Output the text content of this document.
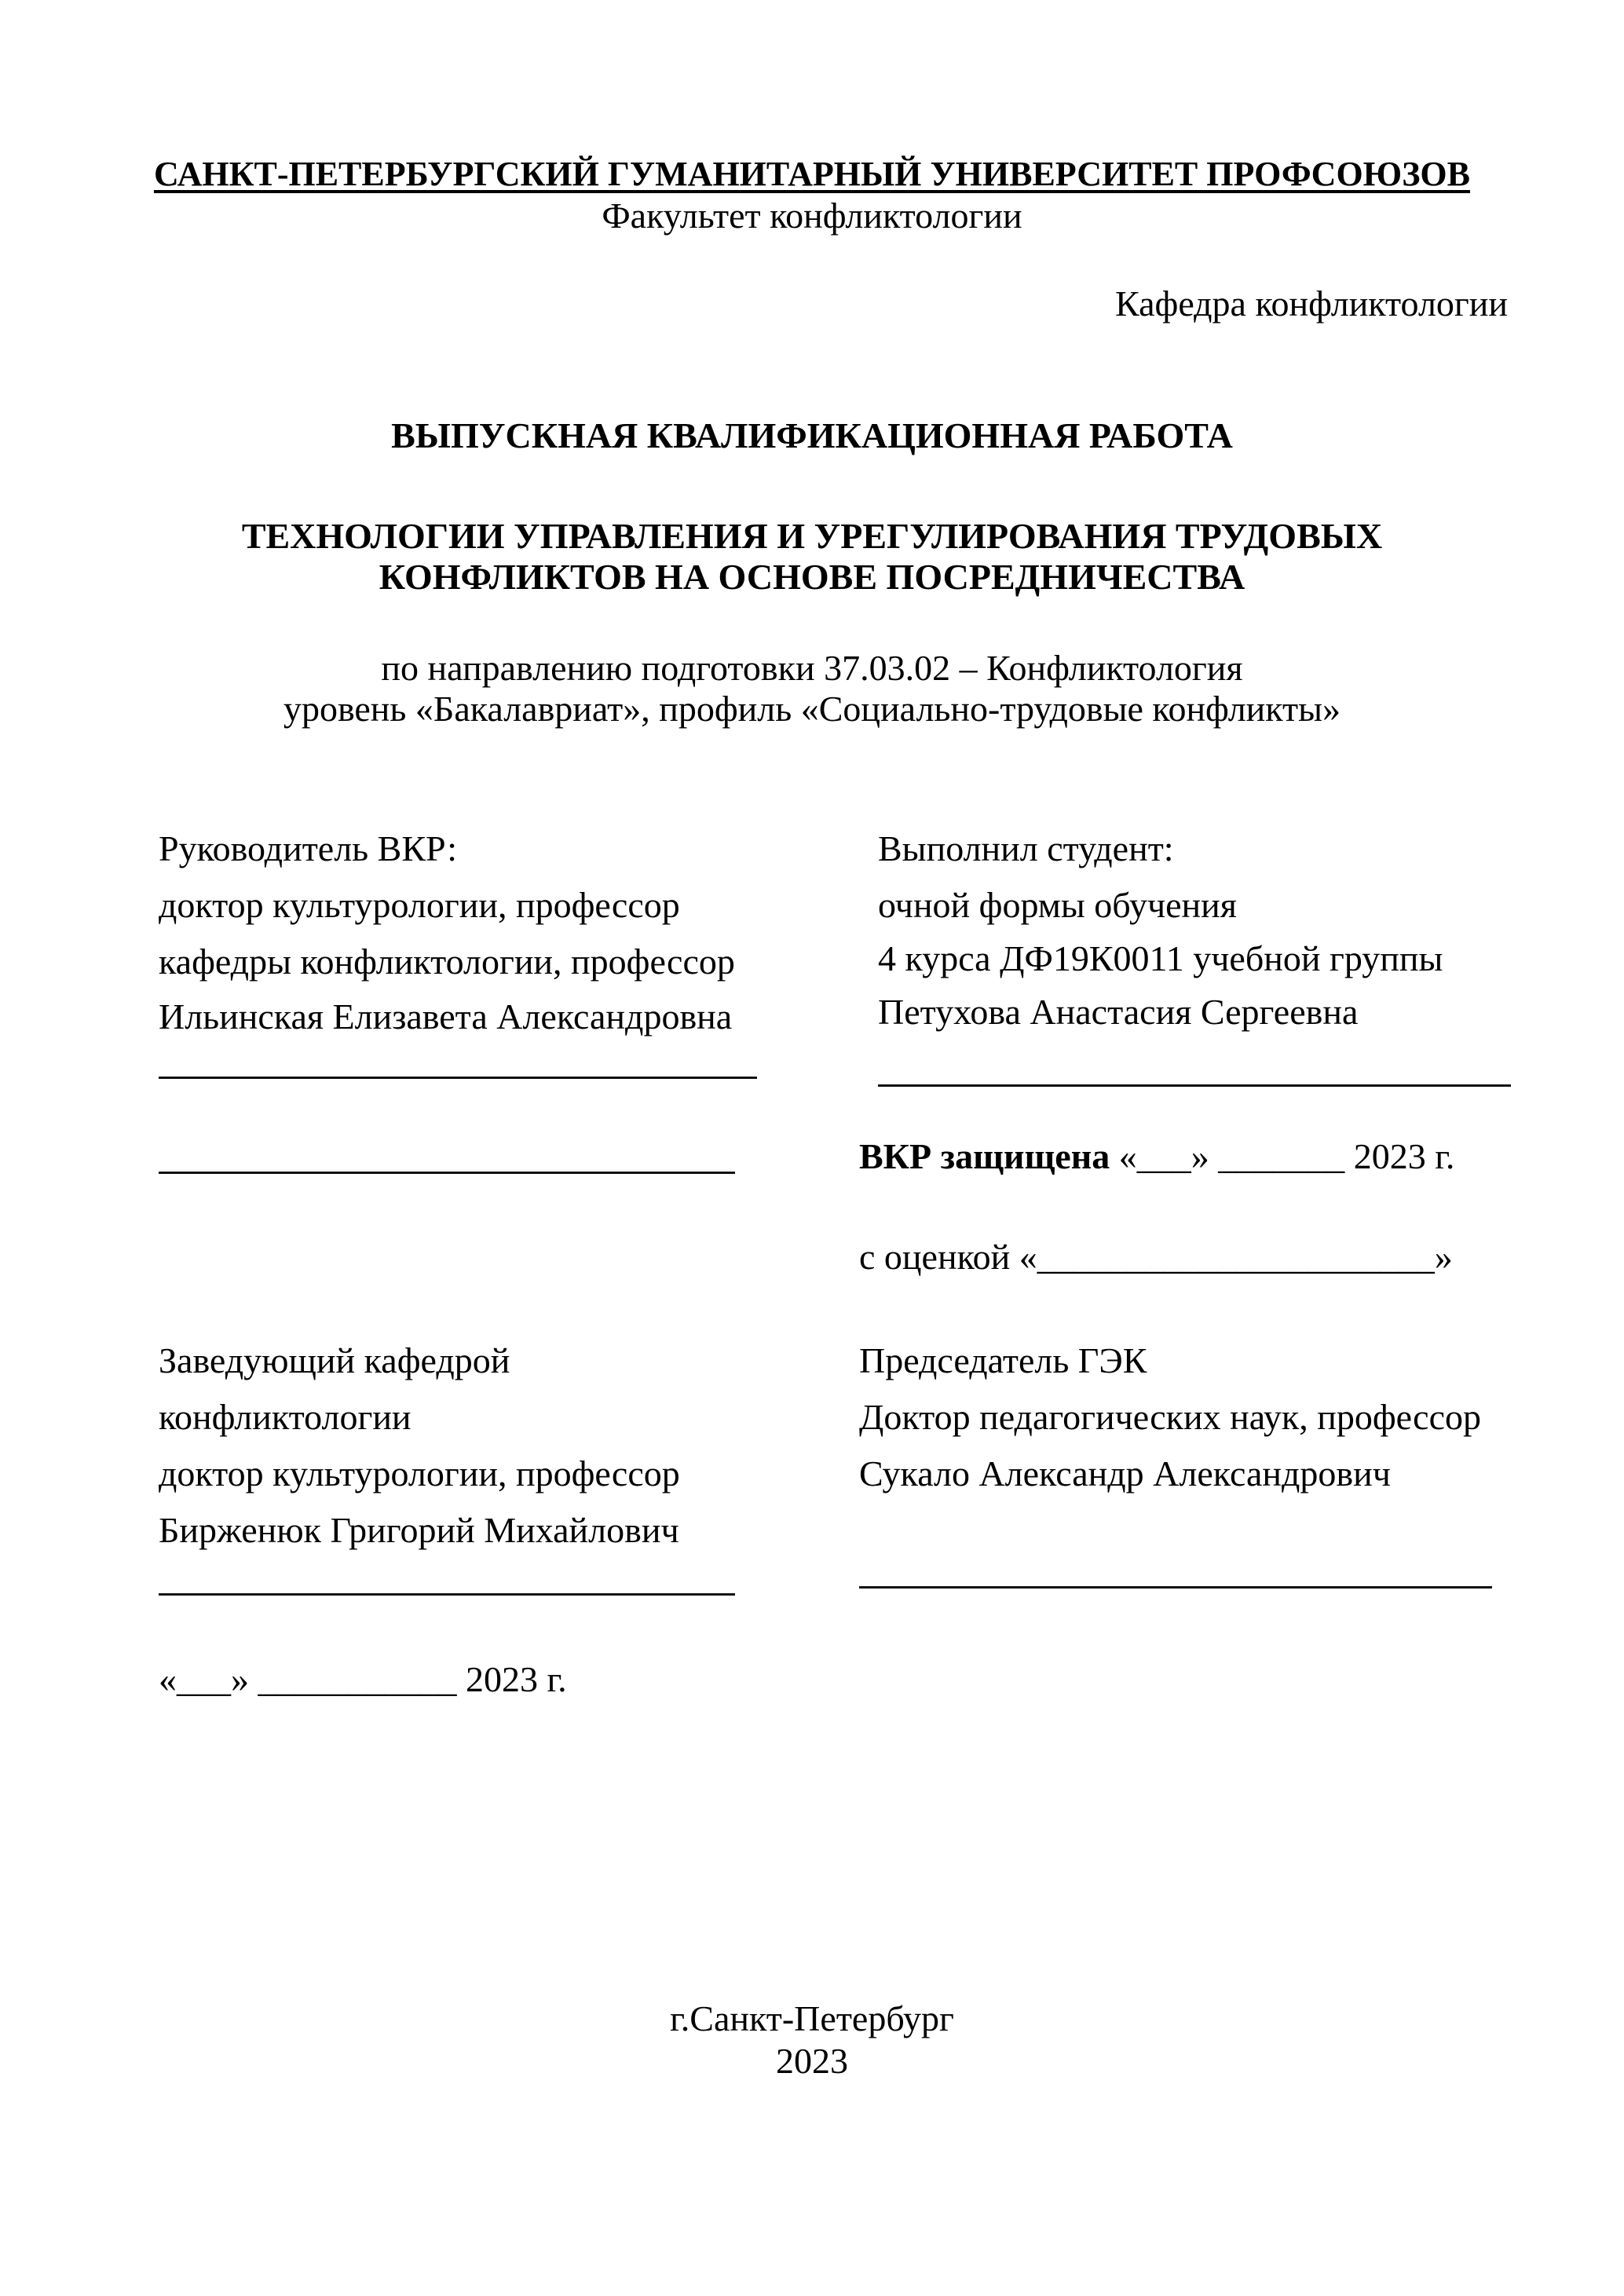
САНКТ-ПЕТЕРБУРГСКИЙ ГУМАНИТАРНЫЙ УНИВЕРСИТЕТ ПРОФСОЮЗОВ
Факультет конфликтологии
Кафедра конфликтологии
ВЫПУСКНАЯ КВАЛИФИКАЦИОННАЯ РАБОТА
ТЕХНОЛОГИИ УПРАВЛЕНИЯ И УРЕГУЛИРОВАНИЯ ТРУДОВЫХ
КОНФЛИКТОВ НА ОСНОВЕ ПОСРЕДНИЧЕСТВА
по направлению подготовки 37.03.02 – Конфликтология
уровень «Бакалавриат», профиль «Социально-трудовые конфликты»
Руководитель ВКР:
доктор культурологии, профессор
кафедры конфликтологии, профессор
Ильинская Елизавета Александровна
Выполнил студент:
очной формы обучения
4 курса ДФ19К0011 учебной группы
Петухова Анастасия Сергеевна
ВКР защищена «___» _______ 2023 г.
с оценкой «______________________»
Заведующий кафедрой
конфликтологии
доктор культурологии, профессор
Бирженюк Григорий Михайлович
«___» ___________ 2023 г.
Председатель ГЭК
Доктор педагогических наук, профессор
Сукало Александр Александрович
г.Санкт-Петербург
2023
